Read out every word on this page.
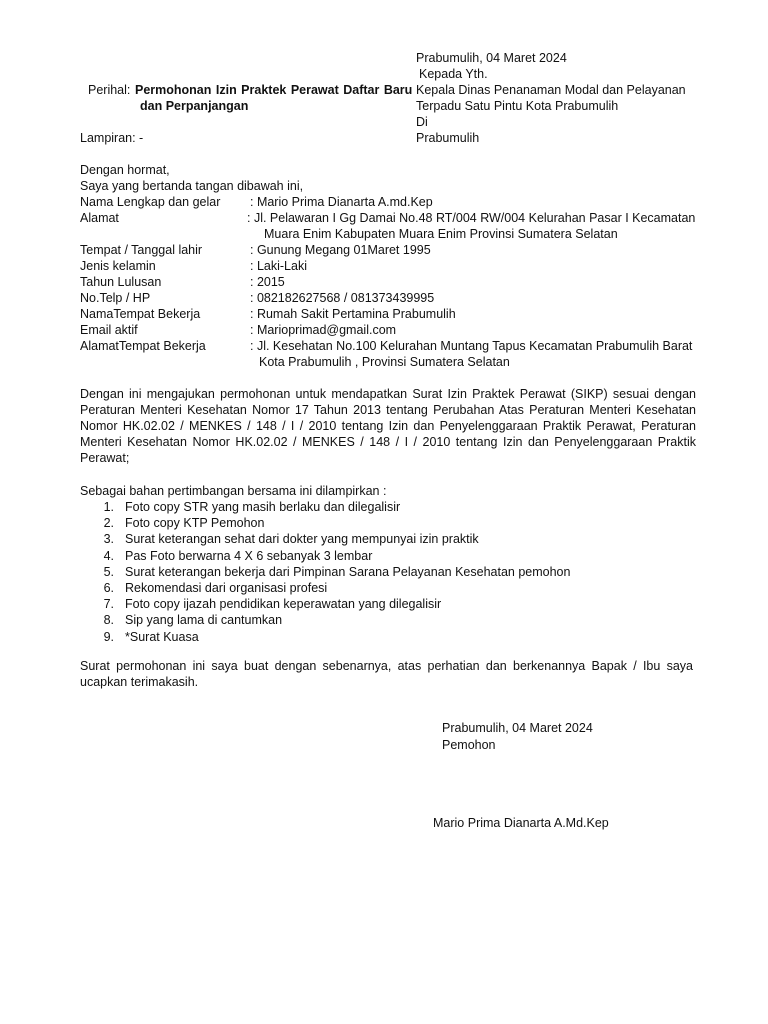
Prabumulih, 04 Maret 2024
Kepada Yth.
Kepala Dinas Penanaman Modal dan Pelayanan
Terpadu Satu Pintu Kota Prabumulih
Di
Prabumulih
Perihal: Permohonan Izin Praktek Perawat Daftar Baru
dan Perpanjangan
Lampiran: -
Dengan hormat,
Saya yang bertanda tangan dibawah ini,
Nama Lengkap dan gelar : Mario Prima Dianarta A.md.Kep
Alamat	: Jl. Pelawaran I Gg Damai No.48 RT/004 RW/004 Kelurahan Pasar I Kecamatan
Muara Enim Kabupaten Muara Enim Provinsi Sumatera Selatan
Tempat / Tanggal lahir	: Gunung Megang 01Maret 1995
Jenis kelamin	: Laki-Laki
Tahun Lulusan	: 2015
No.Telp / HP	: 082182627568 / 081373439995
NamaTempat Bekerja	: Rumah Sakit Pertamina Prabumulih
Email aktif	: Marioprimad@gmail.com
AlamatTempat Bekerja	: Jl. Kesehatan No.100 Kelurahan Muntang Tapus Kecamatan Prabumulih Barat
Kota Prabumulih , Provinsi Sumatera Selatan
Dengan ini mengajukan permohonan untuk mendapatkan Surat Izin Praktek Perawat (SIKP) sesuai dengan Peraturan Menteri Kesehatan Nomor 17 Tahun 2013 tentang Perubahan Atas Peraturan Menteri Kesehatan Nomor HK.02.02 / MENKES / 148 / I / 2010 tentang Izin dan Penyelenggaraan Praktik Perawat, Peraturan Menteri Kesehatan Nomor HK.02.02 / MENKES / 148 / I / 2010 tentang Izin dan Penyelenggaraan Praktik Perawat;
Sebagai bahan pertimbangan bersama ini dilampirkan :
1. Foto copy STR yang masih berlaku dan dilegalisir
2. Foto copy KTP Pemohon
3. Surat keterangan sehat dari dokter yang mempunyai izin praktik
4. Pas Foto berwarna 4 X 6 sebanyak 3 lembar
5. Surat keterangan bekerja dari Pimpinan Sarana Pelayanan Kesehatan pemohon
6. Rekomendasi dari organisasi profesi
7. Foto copy ijazah pendidikan keperawatan yang dilegalisir
8. Sip yang lama di cantumkan
9. *Surat Kuasa
Surat permohonan ini saya buat dengan sebenarnya, atas perhatian dan berkenannya Bapak / Ibu saya ucapkan terimakasih.
Prabumulih, 04 Maret 2024
Pemohon
Mario Prima Dianarta A.Md.Kep
